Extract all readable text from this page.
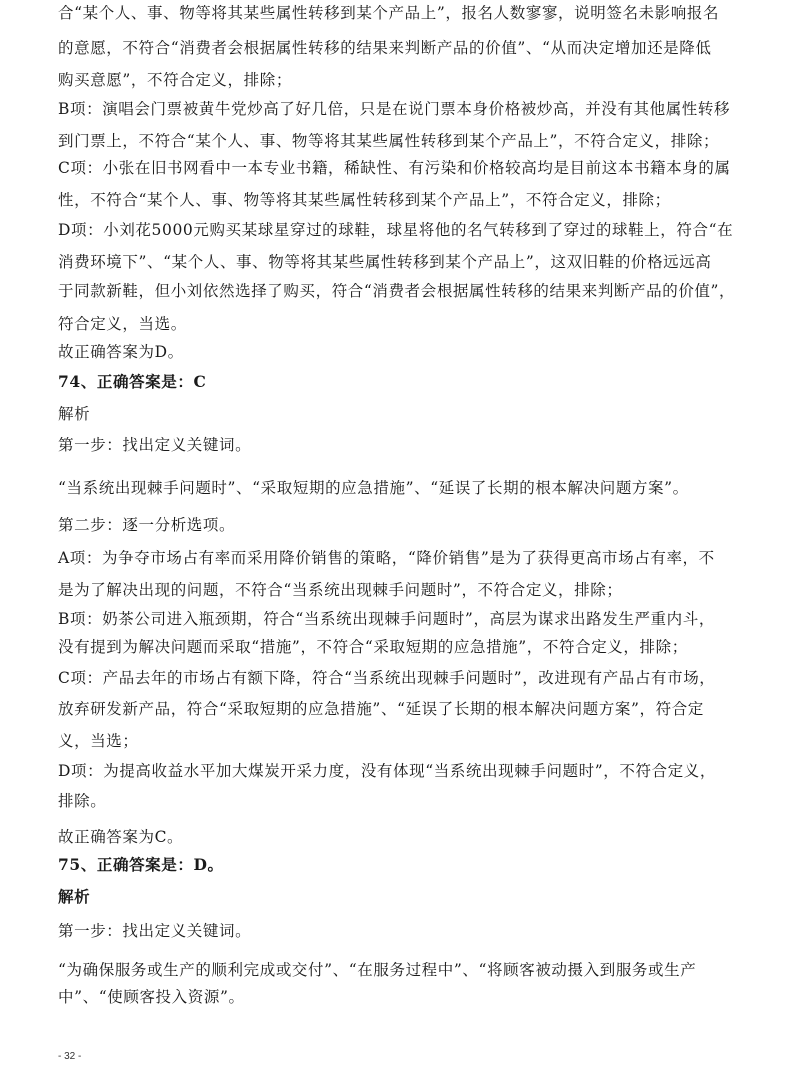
合“某个人、事、物等将其某些属性转移到某个产品上”，报名人数寥寥，说明签名未影响报名
的意愿，不符合“消费者会根据属性转移的结果来判断产品的价值”、“从而决定增加还是降低
购买意愿”，不符合定义，排除；
B项：演唱会门票被黄牛党炒高了好几倍，只是在说门票本身价格被炒高，并没有其他属性转移
到门票上，不符合“某个人、事、物等将其某些属性转移到某个产品上”，不符合定义，排除；
C项：小张在旧书网看中一本专业书籍，稀缺性、有污染和价格较高均是目前这本书籍本身的属
性，不符合“某个人、事、物等将其某些属性转移到某个产品上”，不符合定义，排除；
D项：小刘花5000元购买某球星穿过的球鞋，球星将他的名气转移到了穿过的球鞋上，符合“在
消费环境下”、“某个人、事、物等将其某些属性转移到某个产品上”，这双旧鞋的价格远远高
于同款新鞋，但小刘依然选择了购买，符合“消费者会根据属性转移的结果来判断产品的价值”，
符合定义，当选。
故正确答案为D。
74、正确答案是：C
解析
第一步：找出定义关键词。
“当系统出现棘手问题时”、“采取短期的应急措施”、“延误了长期的根本解决问题方案”。
第二步：逐一分析选项。
A项：为争夺市场占有率而采用降价销售的策略，“降价销售”是为了获得更高市场占有率，不
是为了解决出现的问题，不符合“当系统出现棘手问题时”，不符合定义，排除；
B项：奶茶公司进入瓶颈期，符合“当系统出现棘手问题时”，高层为谋求出路发生严重内斗，
没有提到为解决问题而采取“措施”，不符合“采取短期的应急措施”，不符合定义，排除；
C项：产品去年的市场占有额下降，符合“当系统出现棘手问题时”，改进现有产品占有市场，
放弃研发新产品，符合“采取短期的应急措施”、“延误了长期的根本解决问题方案”，符合定
义，当选；
D项：为提高收益水平加大煤炭开采力度，没有体现“当系统出现棘手问题时”，不符合定义，
排除。
故正确答案为C。
75、正确答案是：D。
解析
第一步：找出定义关键词。
“为确保服务或生产的顺利完成或交付”、“在服务过程中”、“将顾客被动摄入到服务或生产
中”、“使顾客投入资源”。
- 32 -
